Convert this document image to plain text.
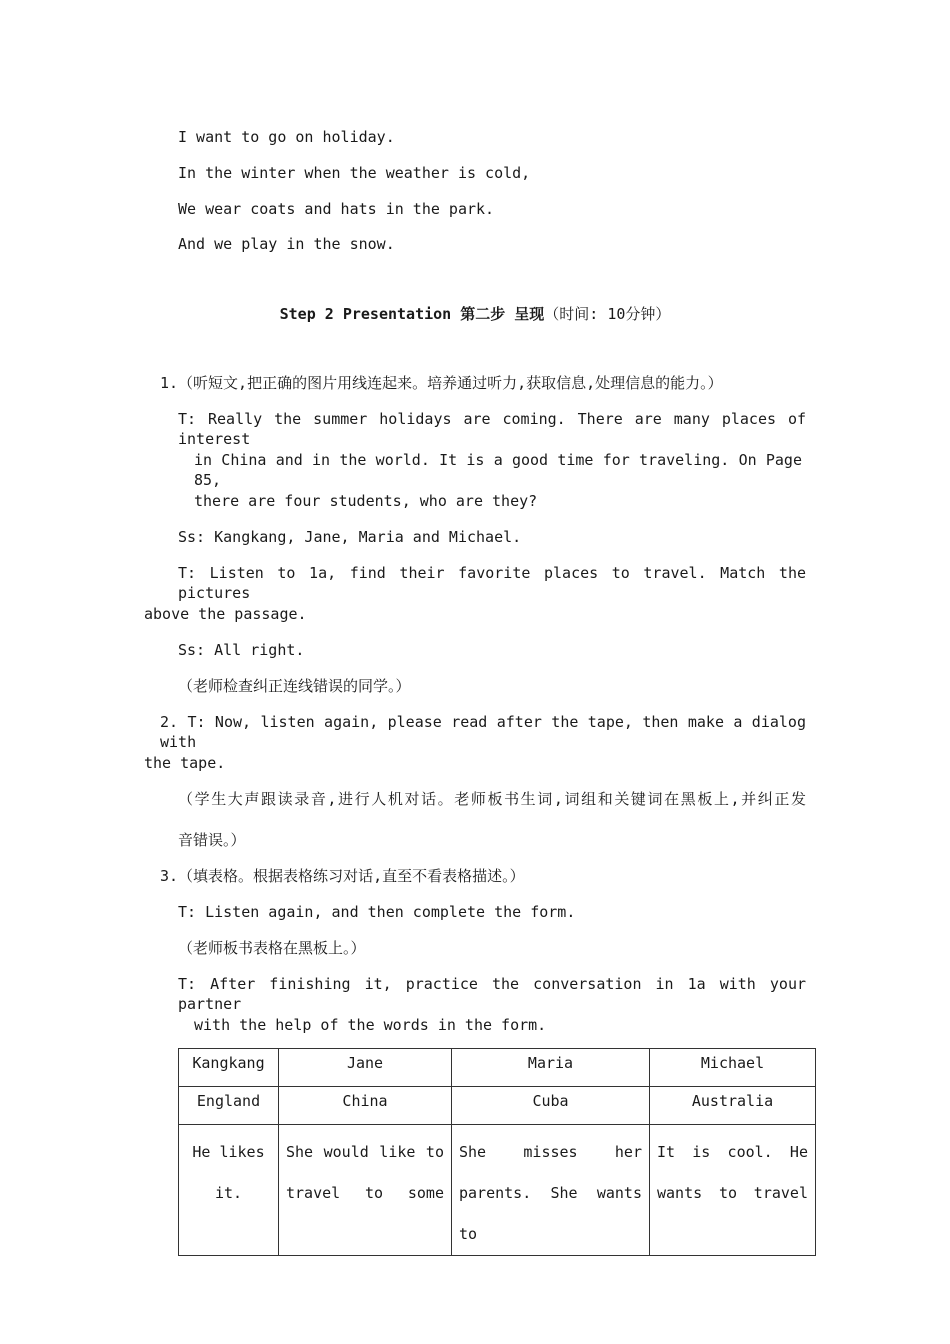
I want to go on holiday.
In the winter when the weather is cold,
We wear coats and hats in the park.
And we play in the snow.
Step 2 Presentation 第二步 呈现（时间: 10分钟）
1.（听短文,把正确的图片用线连起来。培养通过听力,获取信息,处理信息的能力。）
T: Really the summer holidays are coming. There are many places of interest
in China and in the world. It is a good time for traveling. On Page 85,
there are four students, who are they?
Ss: Kangkang, Jane, Maria and Michael.
T: Listen to 1a, find their favorite places to travel. Match the pictures
above the passage.
Ss: All right.
（老师检查纠正连线错误的同学。）
2. T: Now, listen again, please read after the tape, then make a dialog with
the tape.
（学生大声跟读录音,进行人机对话。老师板书生词,词组和关键词在黑板上,并纠正发
音错误。）
3.（填表格。根据表格练习对话,直至不看表格描述。）
T: Listen again, and then complete the form.
（老师板书表格在黑板上。）
T: After finishing it, practice the conversation in 1a with your partner
with the help of the words in the form.
Kangkang	Jane	Maria	Michael
England	China	Cuba	Australia

He likes it.	She would like to travel to some	She misses her parents. She wants to	It is cool. He wants to travel
